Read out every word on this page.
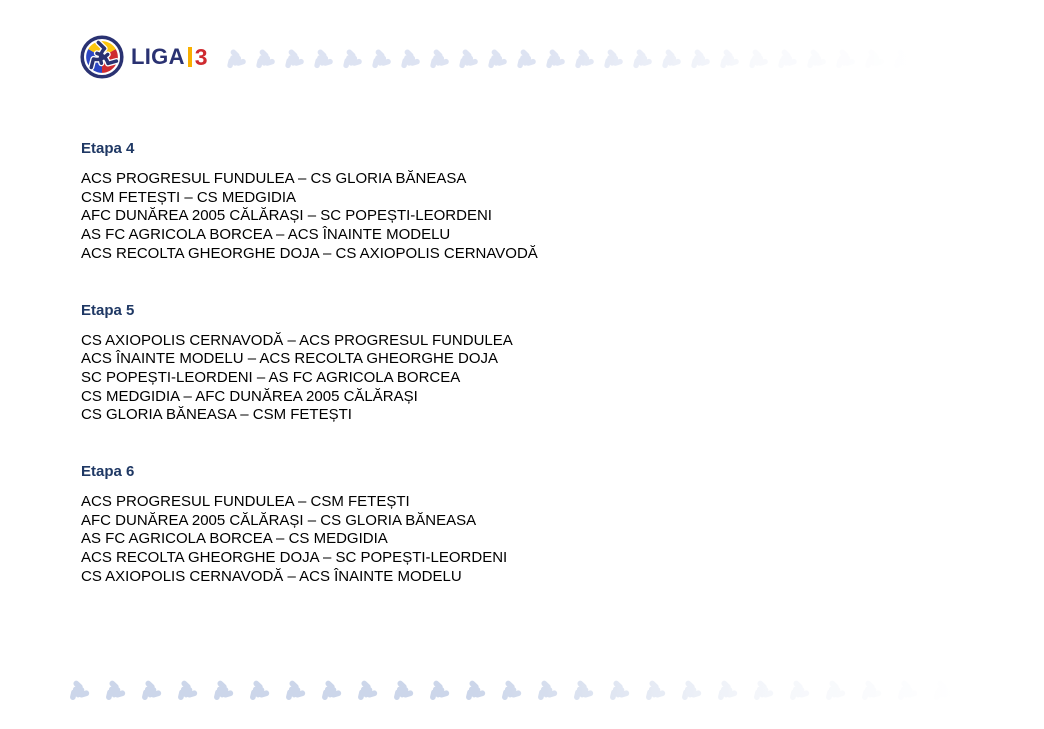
LIGA 3
Etapa 4

ACS PROGRESUL FUNDULEA – CS GLORIA BĂNEASA

CSM FETEȘTI – CS MEDGIDIA

AFC DUNĂREA 2005 CĂLĂRAȘI – SC POPEȘTI-LEORDENI

AS FC AGRICOLA BORCEA – ACS ÎNAINTE MODELU

ACS RECOLTA GHEORGHE DOJA – CS AXIOPOLIS CERNAVODĂ

Etapa 5

CS AXIOPOLIS CERNAVODĂ – ACS PROGRESUL FUNDULEA

ACS ÎNAINTE MODELU – ACS RECOLTA GHEORGHE DOJA

SC POPEȘTI-LEORDENI – AS FC AGRICOLA BORCEA

CS MEDGIDIA – AFC DUNĂREA 2005 CĂLĂRAȘI

CS GLORIA BĂNEASA – CSM FETEȘTI

Etapa 6

ACS PROGRESUL FUNDULEA – CSM FETEȘTI

AFC DUNĂREA 2005 CĂLĂRAȘI – CS GLORIA BĂNEASA

AS FC AGRICOLA BORCEA – CS MEDGIDIA

ACS RECOLTA GHEORGHE DOJA – SC POPEȘTI-LEORDENI

CS AXIOPOLIS CERNAVODĂ – ACS ÎNAINTE MODELU
